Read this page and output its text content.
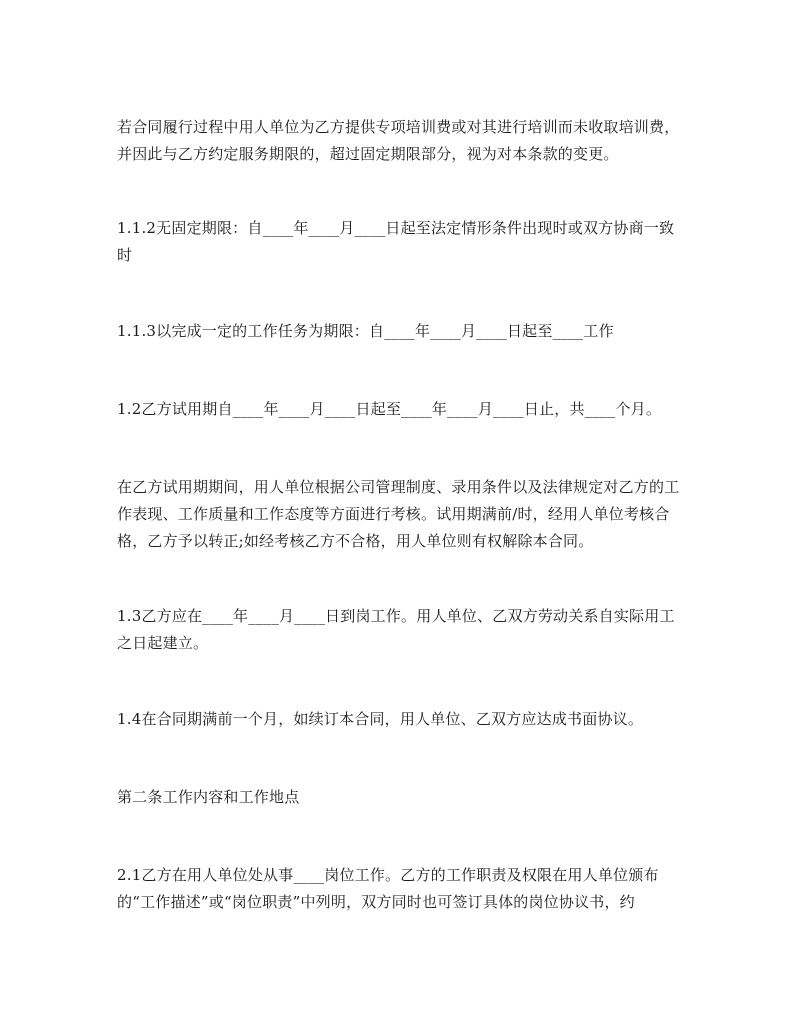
若合同履行过程中用人单位为乙方提供专项培训费或对其进行培训而未收取培训费，并因此与乙方约定服务期限的，超过固定期限部分，视为对本条款的变更。

1.1.2无固定期限：自____年____月____日起至法定情形条件出现时或双方协商一致时

1.1.3以完成一定的工作任务为期限：自____年____月____日起至____工作

1.2乙方试用期自____年____月____日起至____年____月____日止，共____个月。

在乙方试用期期间，用人单位根据公司管理制度、录用条件以及法律规定对乙方的工作表现、工作质量和工作态度等方面进行考核。试用期满前/时，经用人单位考核合格，乙方予以转正;如经考核乙方不合格，用人单位则有权解除本合同。

1.3乙方应在____年____月____日到岗工作。用人单位、乙双方劳动关系自实际用工之日起建立。

1.4在合同期满前一个月，如续订本合同，用人单位、乙双方应达成书面协议。

第二条工作内容和工作地点

2.1乙方在用人单位处从事____岗位工作。乙方的工作职责及权限在用人单位颁布的“工作描述”或“岗位职责”中列明，双方同时也可签订具体的岗位协议书，约
